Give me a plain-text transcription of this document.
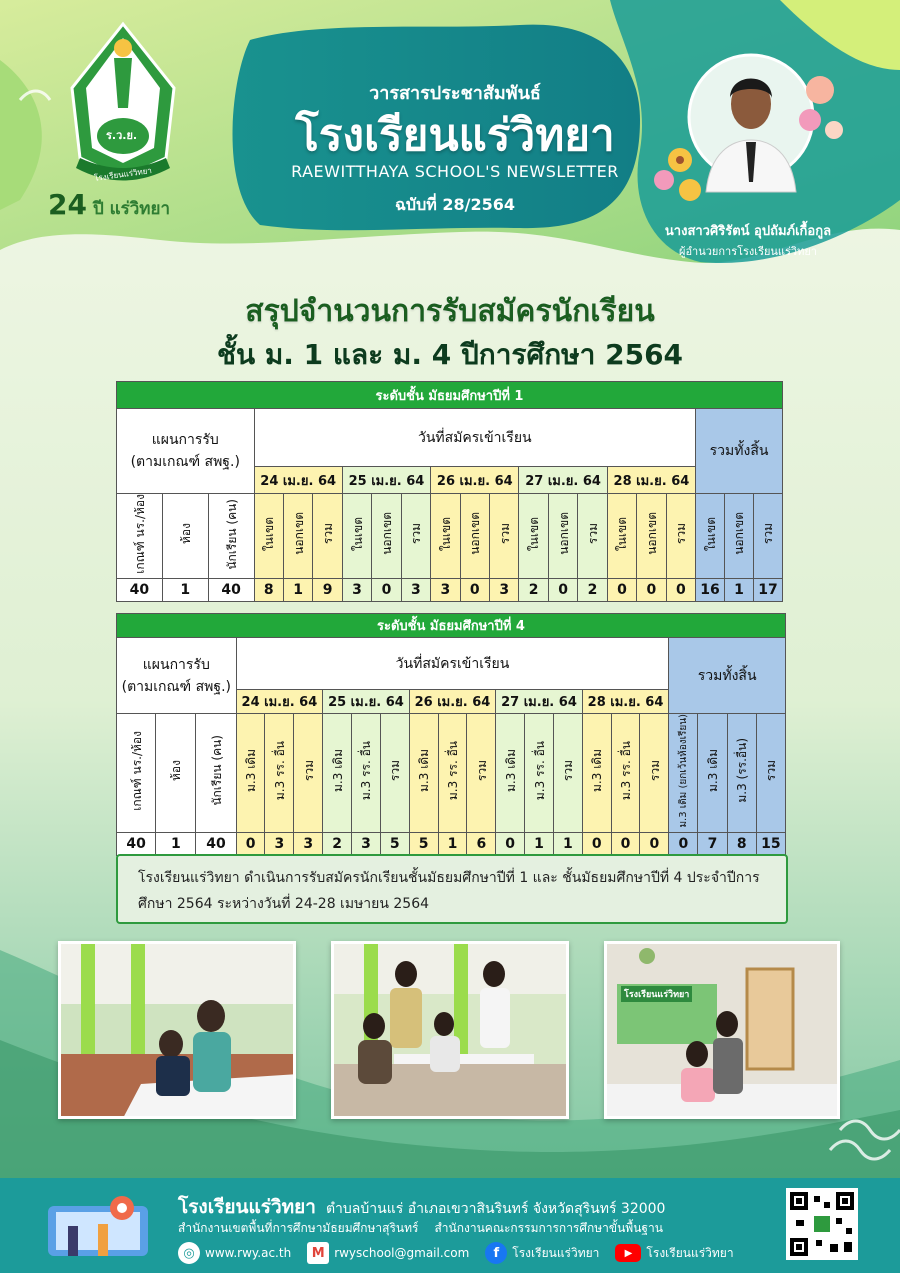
ร.ว.ย.
โรงเรียนแร่วิทยา
24 ปี แร่วิทยา
วารสารประชาสัมพันธ์
โรงเรียนแร่วิทยา
RAEWITTHAYA SCHOOL'S NEWSLETTER
ฉบับที่ 28/2564
นางสาวศิริรัตน์ อุปถัมภ์เกื้อกูล
ผู้อำนวยการโรงเรียนแร่วิทยา
สรุปจำนวนการรับสมัครนักเรียน
ชั้น ม. 1 และ ม. 4 ปีการศึกษา 2564
ระดับชั้น มัธยมศึกษาปีที่ 1																				
แผนการรับ
(ตามเกณฑ์ สพฐ.)			วันที่สมัครเข้าเรียน															รวมทั้งสิ้น		
			24 เม.ย. 64			25 เม.ย. 64			26 เม.ย. 64			27 เม.ย. 64			28 เม.ย. 64					
เกณฑ์ นร./ห้อง	ห้อง	นักเรียน (คน)	ในเขต	นอกเขต	รวม	ในเขต	นอกเขต	รวม	ในเขต	นอกเขต	รวม	ในเขต	นอกเขต	รวม	ในเขต	นอกเขต	รวม	ในเขต	นอกเขต	รวม
40	1	40	8	1	9	3	0	3	3	0	3	2	0	2	0	0	0	16	1	17
ระดับชั้น มัธยมศึกษาปีที่ 4																					
แผนการรับ
(ตามเกณฑ์ สพฐ.)			วันที่สมัครเข้าเรียน															รวมทั้งสิ้น			
			24 เม.ย. 64			25 เม.ย. 64			26 เม.ย. 64			27 เม.ย. 64			28 เม.ย. 64						
เกณฑ์ นร./ห้อง	ห้อง	นักเรียน (คน)	ม.3 เดิม	ม.3 รร. อื่น	รวม	ม.3 เดิม	ม.3 รร. อื่น	รวม	ม.3 เดิม	ม.3 รร. อื่น	รวม	ม.3 เดิม	ม.3 รร. อื่น	รวม	ม.3 เดิม	ม.3 รร. อื่น	รวม	ม.3 เดิม (ยกเว้นห้องเรียน)	ม.3 เดิม	ม.3 (รร.อื่น)	รวม
40	1	40	0	3	3	2	3	5	5	1	6	0	1	1	0	0	0	0	7	8	15
โรงเรียนแร่วิทยา ดำเนินการรับสมัครนักเรียนชั้นมัธยมศึกษาปีที่ 1 และ ชั้นมัธยมศึกษาปีที่ 4 ประจำปีการศึกษา 2564 ระหว่างวันที่ 24-28 เมษายน 2564
โรงเรียนแร่วิทยา
โรงเรียนแร่วิทยา ตำบลบ้านแร่ อำเภอเขวาสินรินทร์ จังหวัดสุรินทร์ 32000
สำนักงานเขตพื้นที่การศึกษามัธยมศึกษาสุรินทร์ สำนักงานคณะกรรมการการศึกษาขั้นพื้นฐาน
◎ www.rwy.ac.th	M rwyschool@gmail.com	f	โรงเรียนแร่วิทยา	▶	โรงเรียนแร่วิทยา
